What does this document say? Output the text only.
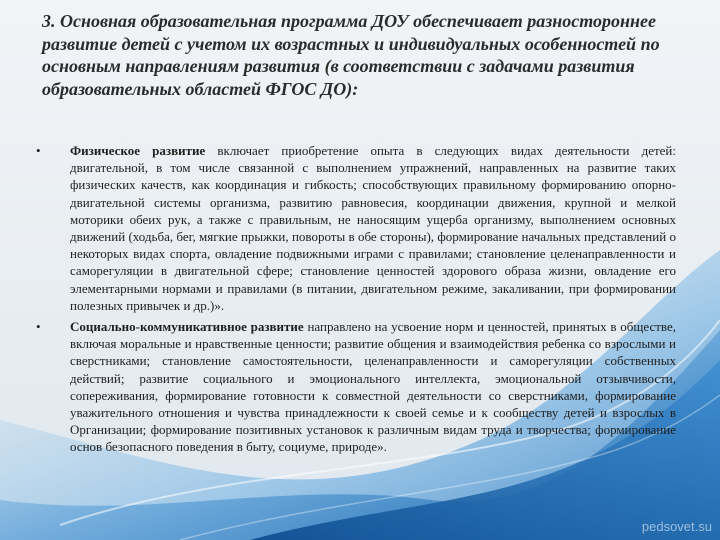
3. Основная образовательная программа ДОУ обеспечивает разностороннее развитие детей с учетом их возрастных и индивидуальных особенностей по основным направлениям развития (в соответствии с задачами развития образовательных областей ФГОС ДО):
• Физическое развитие включает приобретение опыта в следующих видах деятельности детей: двигательной, в том числе связанной с выполнением упражнений, направленных на развитие таких физических качеств, как координация и гибкость; способствующих правильному формированию опорно-двигательной системы организма, развитию равновесия, координации движения, крупной и мелкой моторики обеих рук, а также с правильным, не наносящим ущерба организму, выполнением основных движений (ходьба, бег, мягкие прыжки, повороты в обе стороны), формирование начальных представлений о некоторых видах спорта, овладение подвижными играми с правилами; становление целенаправленности и саморегуляции в двигательной сфере; становление ценностей здорового образа жизни, овладение его элементарными нормами и правилами (в питании, двигательном режиме, закаливании, при формировании полезных привычек и др.)».
• Социально-коммуникативное развитие направлено на усвоение норм и ценностей, принятых в обществе, включая моральные и нравственные ценности; развитие общения и взаимодействия ребенка со взрослыми и сверстниками; становление самостоятельности, целенаправленности и саморегуляции собственных действий; развитие социального и эмоционального интеллекта, эмоциональной отзывчивости, сопереживания, формирование готовности к совместной деятельности со сверстниками, формирование уважительного отношения и чувства принадлежности к своей семье и к сообществу детей и взрослых в Организации; формирование позитивных установок к различным видам труда и творчества; формирование основ безопасного поведения в быту, социуме, природе».
pedsovet.su
